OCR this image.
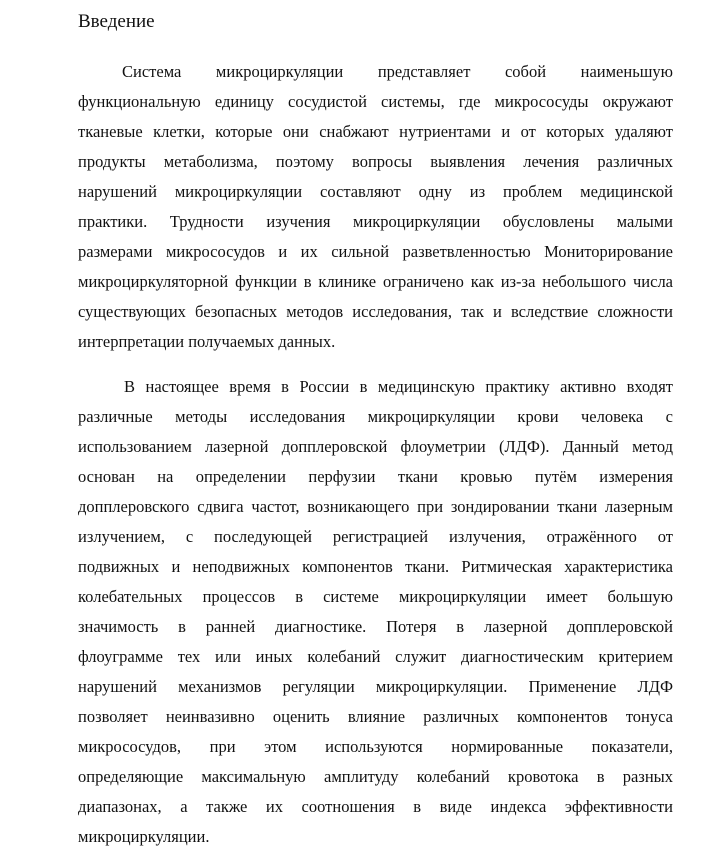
Введение
Система микроциркуляции представляет собой наименьшую
функциональную единицу сосудистой системы, где микрососуды окружают
тканевые клетки, которые они снабжают нутриентами и от которых удаляют
продукты метаболизма, поэтому вопросы выявления лечения различных
нарушений микроциркуляции составляют одну из проблем медицинской
практики. Трудности изучения микроциркуляции обусловлены малыми
размерами микрососудов и их сильной разветвленностью Мониторирование
микроциркуляторной функции в клинике ограничено как из-за небольшого числа
существующих безопасных методов исследования, так и вследствие сложности
интерпретации получаемых данных.
В настоящее время в России в медицинскую практику активно входят
различные методы исследования микроциркуляции крови человека с
использованием лазерной допплеровской флоуметрии (ЛДФ). Данный метод
основан на определении перфузии ткани кровью путём измерения
допплеровского сдвига частот, возникающего при зондировании ткани лазерным
излучением, с последующей регистрацией излучения, отражённого от
подвижных и неподвижных компонентов ткани. Ритмическая характеристика
колебательных процессов в системе микроциркуляции имеет большую
значимость в ранней диагностике. Потеря в лазерной допплеровской
флоуграмме тех или иных колебаний служит диагностическим критерием
нарушений механизмов регуляции микроциркуляции. Применение ЛДФ
позволяет неинвазивно оценить влияние различных компонентов тонуса
микрососудов, при этом используются нормированные показатели,
определяющие максимальную амплитуду колебаний кровотока в разных
диапазонах, а также их соотношения в виде индекса эффективности
микроциркуляции.
